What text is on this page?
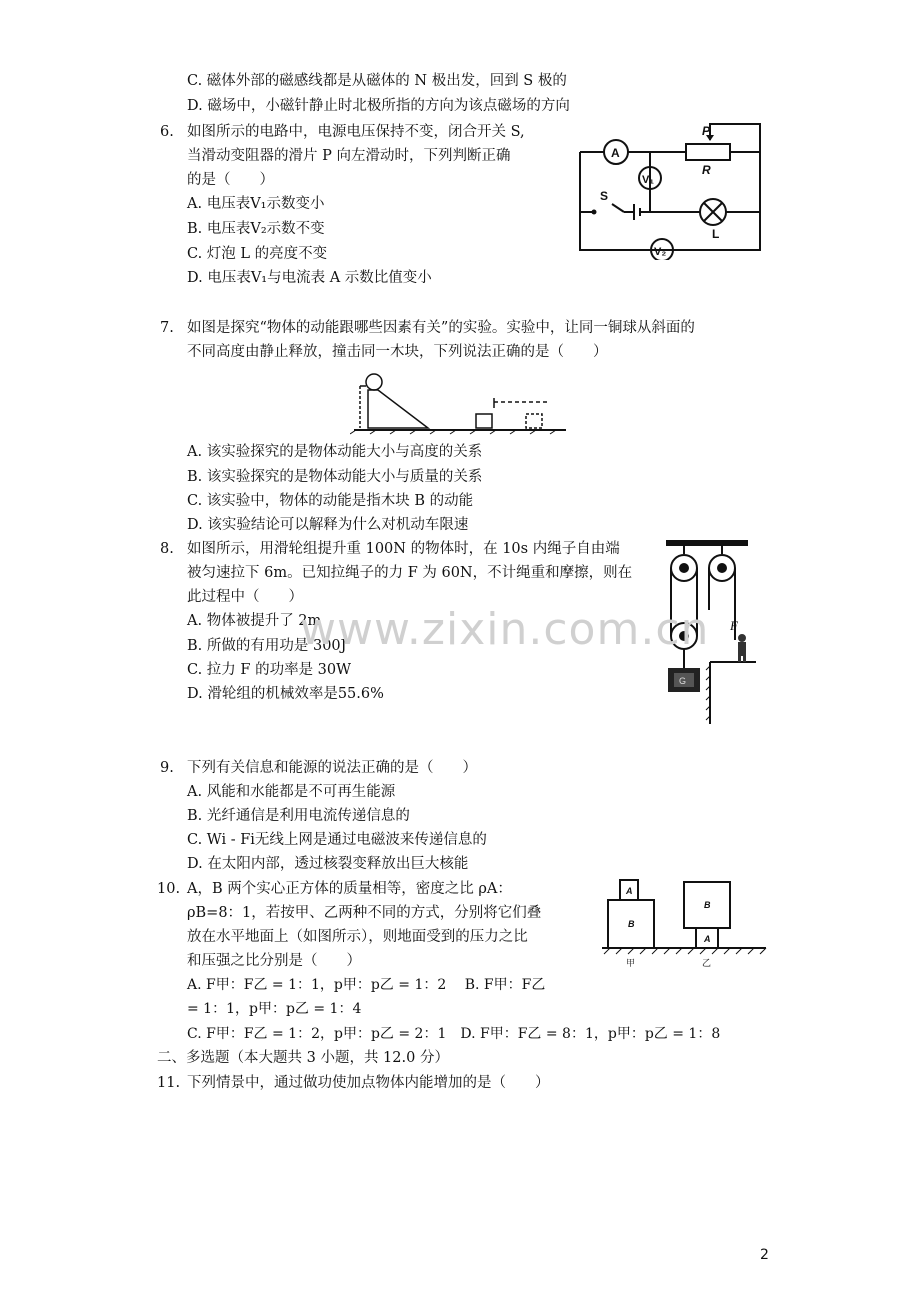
C. 磁体外部的磁感线都是从磁体的 N 极出发，回到 S 极的
D. 磁场中，小磁针静止时北极所指的方向为该点磁场的方向
6. 如图所示的电路中，电源电压保持不变，闭合开关 S,
当滑动变阻器的滑片 P 向左滑动时，下列判断正确
的是（　　）
A. 电压表V₁示数变小
B. 电压表V₂示数不变
C. 灯泡 L 的亮度不变
D. 电压表V₁与电流表 A 示数比值变小
A
V₁
V₂
P
R
S
L
7. 如图是探究“物体的动能跟哪些因素有关”的实验。实验中，让同一铜球从斜面的
不同高度由静止释放，撞击同一木块，下列说法正确的是（　　）
A. 该实验探究的是物体动能大小与高度的关系
B. 该实验探究的是物体动能大小与质量的关系
C. 该实验中，物体的动能是指木块 B 的动能
D. 该实验结论可以解释为什么对机动车限速
8. 如图所示，用滑轮组提升重 100N 的物体时，在 10s 内绳子自由端
被匀速拉下 6m。已知拉绳子的力 F 为 60N，不计绳重和摩擦，则在
此过程中（　　）
A. 物体被提升了 2m
B. 所做的有用功是 300J
C. 拉力 F 的功率是 30W
D. 滑轮组的机械效率是55.6%
F
G
www.zixin.com.cn
9. 下列有关信息和能源的说法正确的是（　　）
A. 风能和水能都是不可再生能源
B. 光纤通信是利用电流传递信息的
C. Wi - Fi无线上网是通过电磁波来传递信息的
D. 在太阳内部，透过核裂变释放出巨大核能
10. A，B 两个实心正方体的质量相等，密度之比 ρA：
ρB=8：1，若按甲、乙两种不同的方式，分别将它们叠
放在水平地面上（如图所示），则地面受到的压力之比
和压强之比分别是（　　）
A. F甲：F乙 = 1：1，p甲：p乙 = 1：2　 B. F甲：F乙
= 1：1，p甲：p乙 = 1：4
C. F甲：F乙 = 1：2，p甲：p乙 = 2：1　D. F甲：F乙 = 8：1，p甲：p乙 = 1：8
A
B
B
A
甲	乙
二、多选题（本大题共 3 小题，共 12.0 分）
11. 下列情景中，通过做功使加点物体内能增加的是（　　）
2
